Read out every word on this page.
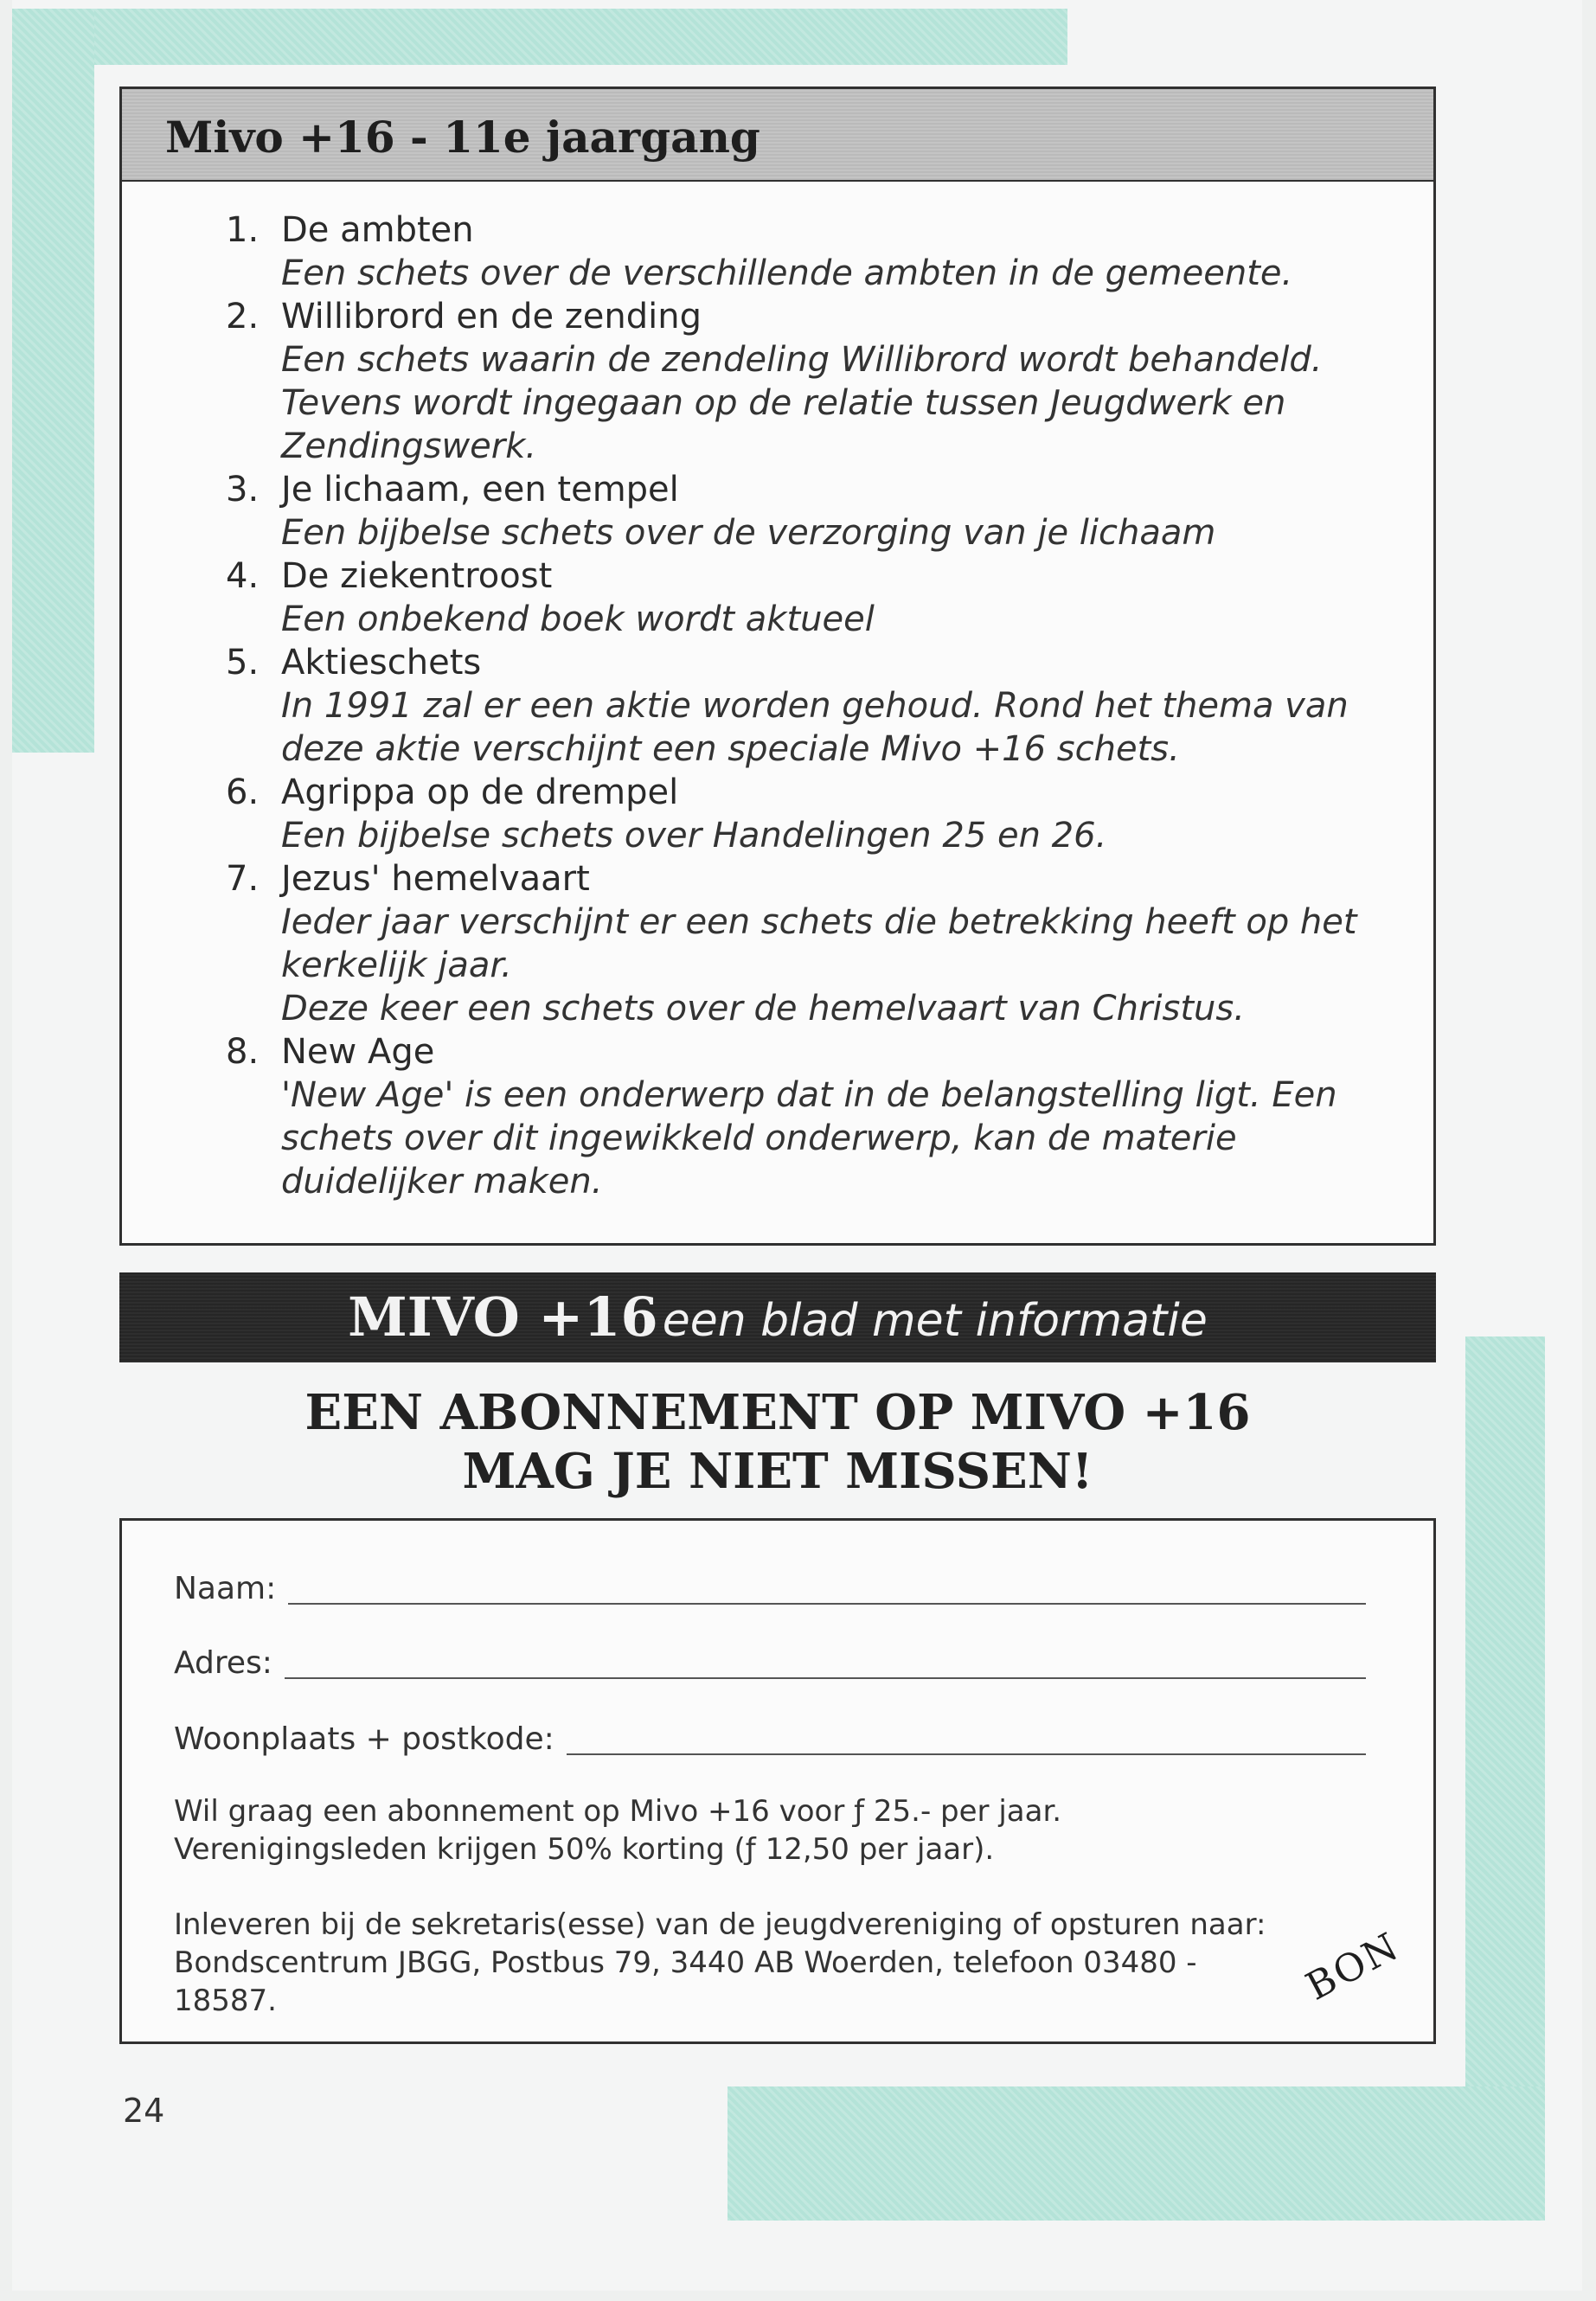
Mivo +16 - 11e jaargang
1. De ambten
Een schets over de verschillende ambten in de gemeente.
2. Willibrord en de zending
Een schets waarin de zendeling Willibrord wordt behandeld. Tevens wordt ingegaan op de relatie tussen Jeugdwerk en Zendingswerk.
3. Je lichaam, een tempel
Een bijbelse schets over de verzorging van je lichaam
4. De ziekentroost
Een onbekend boek wordt aktueel
5. Aktieschets
In 1991 zal er een aktie worden gehoud. Rond het thema van deze aktie verschijnt een speciale Mivo +16 schets.
6. Agrippa op de drempel
Een bijbelse schets over Handelingen 25 en 26.
7. Jezus' hemelvaart
Ieder jaar verschijnt er een schets die betrekking heeft op het kerkelijk jaar.
Deze keer een schets over de hemelvaart van Christus.
8. New Age
'New Age' is een onderwerp dat in de belangstelling ligt. Een schets over dit ingewikkeld onderwerp, kan de materie duidelijker maken.
MIVO +16 een blad met informatie
EEN ABONNEMENT OP MIVO +16
MAG JE NIET MISSEN!
Naam:
Adres:
Woonplaats + postkode:
Wil graag een abonnement op Mivo +16 voor ƒ 25.- per jaar.
Verenigingsleden krijgen 50% korting (ƒ 12,50 per jaar).
Inleveren bij de sekretaris(esse) van de jeugdvereniging of opsturen naar:
Bondscentrum JBGG, Postbus 79, 3440 AB Woerden, telefoon 03480 - 18587.	BON
24
